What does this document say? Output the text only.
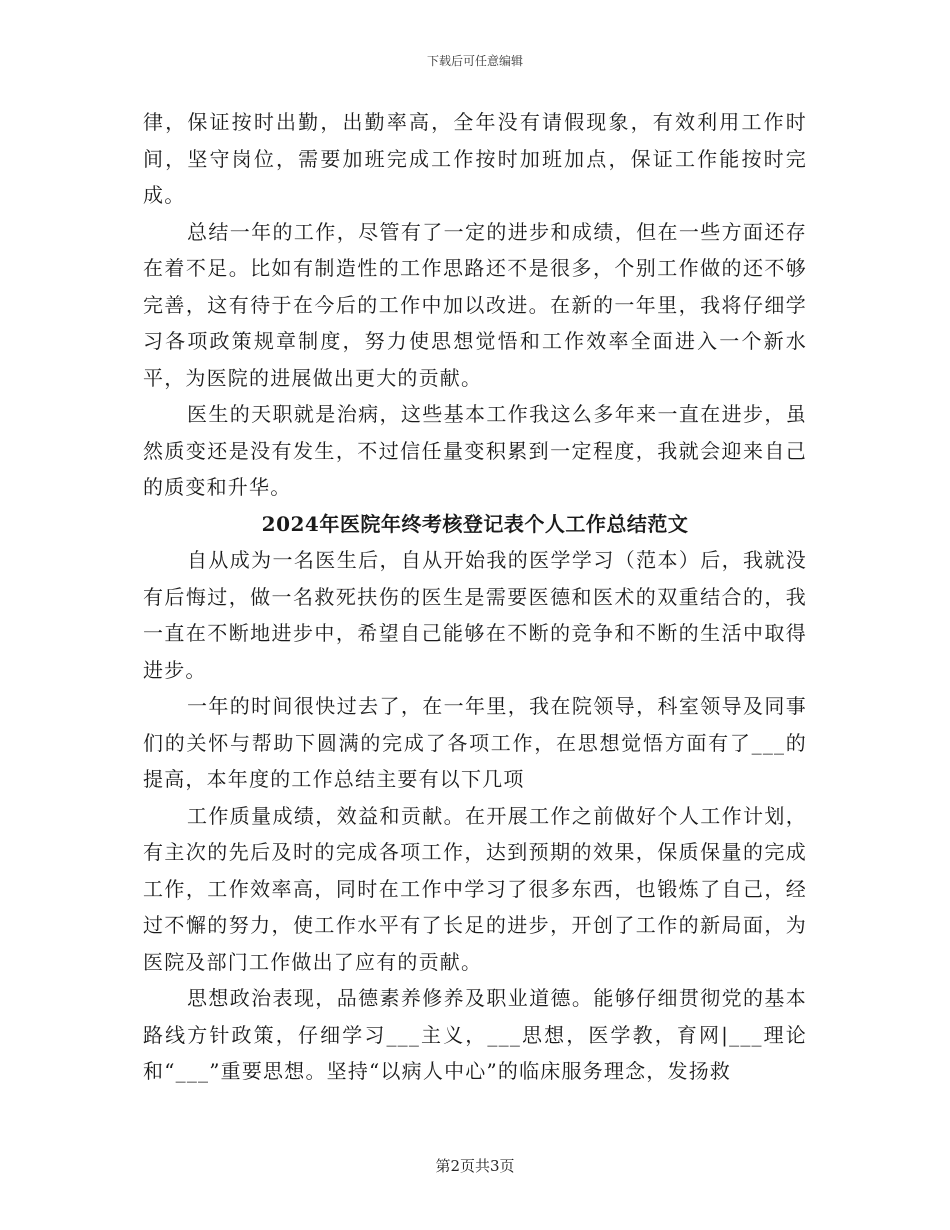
下载后可任意编辑

律，保证按时出勤，出勤率高，全年没有请假现象，有效利用工作时间，坚守岗位，需要加班完成工作按时加班加点，保证工作能按时完成。

总结一年的工作，尽管有了一定的进步和成绩，但在一些方面还存在着不足。比如有制造性的工作思路还不是很多，个别工作做的还不够完善，这有待于在今后的工作中加以改进。在新的一年里，我将仔细学习各项政策规章制度，努力使思想觉悟和工作效率全面进入一个新水平，为医院的进展做出更大的贡献。

医生的天职就是治病，这些基本工作我这么多年来一直在进步，虽然质变还是没有发生，不过信任量变积累到一定程度，我就会迎来自己的质变和升华。

2024年医院年终考核登记表个人工作总结范文

自从成为一名医生后，自从开始我的医学学习（范本）后，我就没有后悔过，做一名救死扶伤的医生是需要医德和医术的双重结合的，我一直在不断地进步中，希望自己能够在不断的竞争和不断的生活中取得进步。

一年的时间很快过去了，在一年里，我在院领导，科室领导及同事们的关怀与帮助下圆满的完成了各项工作，在思想觉悟方面有了___的提高，本年度的工作总结主要有以下几项

工作质量成绩，效益和贡献。在开展工作之前做好个人工作计划，有主次的先后及时的完成各项工作，达到预期的效果，保质保量的完成工作，工作效率高，同时在工作中学习了很多东西，也锻炼了自己，经过不懈的努力，使工作水平有了长足的进步，开创了工作的新局面，为医院及部门工作做出了应有的贡献。

思想政治表现，品德素养修养及职业道德。能够仔细贯彻党的基本路线方针政策，仔细学习___主义，___思想，医学教，育网|___理论和“___”重要思想。坚持“以病人中心”的临床服务理念，发扬救

第2页共3页
